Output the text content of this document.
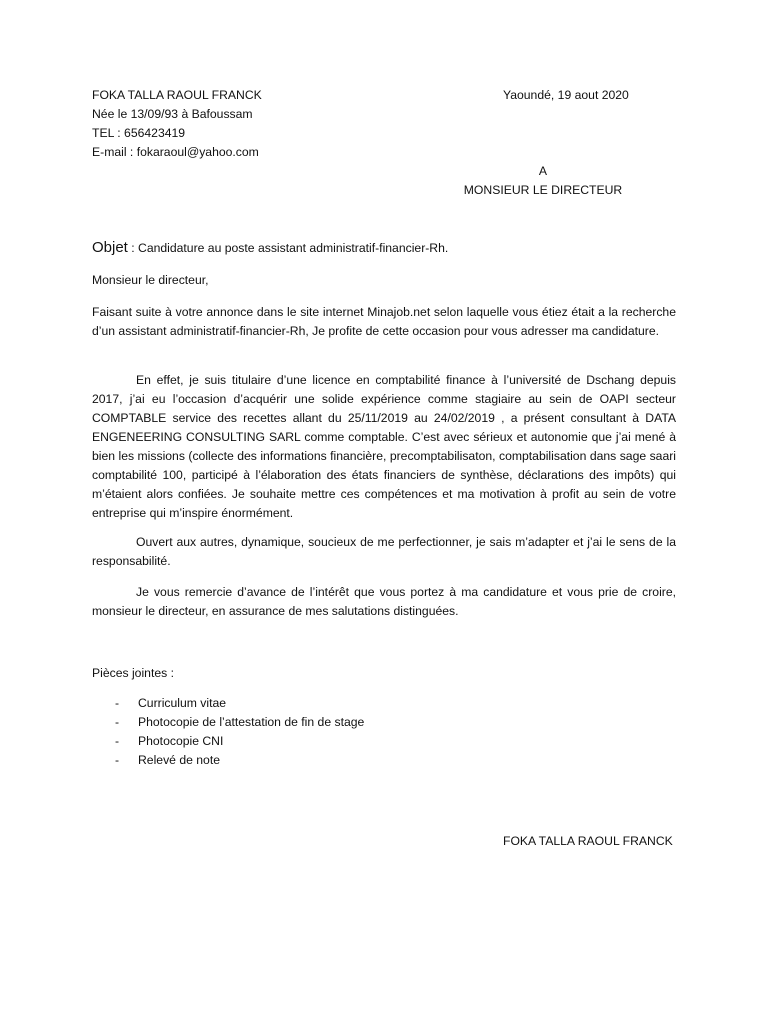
FOKA TALLA RAOUL FRANCK
Née le 13/09/93 à Bafoussam
TEL : 656423419
E-mail : fokaraoul@yahoo.com
Yaoundé, 19 aout 2020
A
MONSIEUR LE DIRECTEUR
Objet : Candidature au poste assistant administratif-financier-Rh.
Monsieur le directeur,
Faisant suite à votre annonce dans le site internet Minajob.net selon laquelle vous étiez était a la recherche d’un assistant administratif-financier-Rh, Je profite de cette occasion pour vous adresser ma candidature.
En effet, je suis titulaire d’une licence en comptabilité finance à l’université de Dschang depuis 2017, j’ai eu l’occasion d’acquérir une solide expérience comme stagiaire au sein de OAPI secteur COMPTABLE service des recettes allant du 25/11/2019 au 24/02/2019 , a présent consultant à DATA ENGENEERING CONSULTING SARL comme comptable. C’est avec sérieux et autonomie que j’ai mené à bien les missions (collecte des informations financière, precomptabilisaton, comptabilisation dans sage saari comptabilité 100, participé à l’élaboration des états financiers de synthèse, déclarations des impôts) qui m’étaient alors confiées. Je souhaite mettre ces compétences et ma motivation à profit au sein de votre entreprise qui m’inspire énormément.
Ouvert aux autres, dynamique, soucieux de me perfectionner, je sais m’adapter et j’ai le sens de la responsabilité.
Je vous remercie d’avance de l’intérêt que vous portez à ma candidature et vous prie de croire, monsieur le directeur, en assurance de mes salutations distinguées.
Pièces jointes :
- Curriculum vitae
- Photocopie de l’attestation de fin de stage
- Photocopie CNI
- Relevé de note
FOKA TALLA RAOUL FRANCK
